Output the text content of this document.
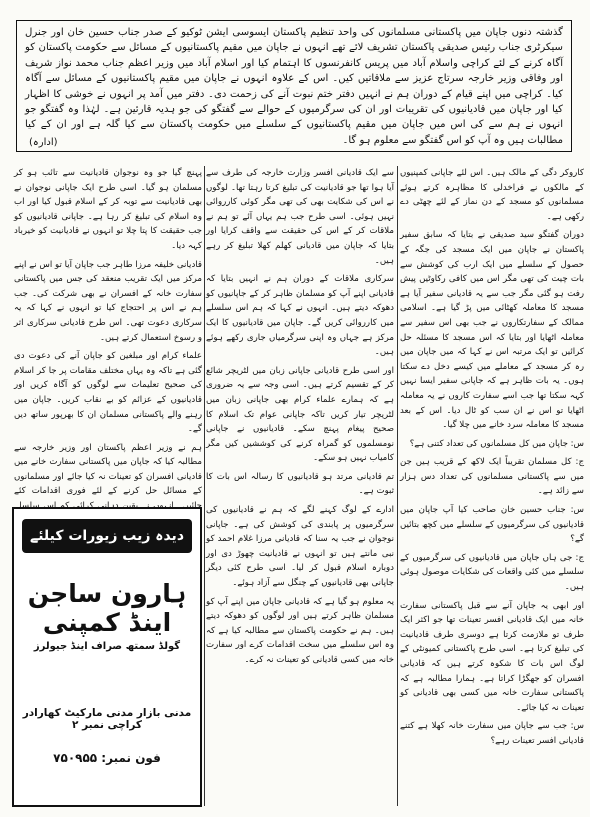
گذشتہ دنوں جاپان میں پاکستانی مسلمانوں کی واحد تنظیم پاکستان ایسوسی ایشن ٹوکیو کے صدر جناب حسین خان اور جنرل سیکرٹری جناب رئیس صدیقی پاکستان تشریف لائے تھے انہوں نے جاپان میں مقیم پاکستانیوں کے مسائل سے حکومت پاکستان کو آگاہ کرنے کے لئے کراچی واسلام آباد میں پریس کانفرنسوں کا اہتمام کیا اور اسلام آباد میں وزیر اعظم جناب محمد نواز شریف اور وفاقی وزیر خارجہ سرتاج عزیز سے ملاقاتیں کیں۔ اس کے علاوہ انہوں نے جاپان میں مقیم پاکستانیوں کے مسائل سے آگاہ کیا۔ کراچی میں اپنے قیام کے دوران ہم نے انہیں دفتر ختم نبوت آنے کی زحمت دی۔ دفتر میں آمد پر انہوں نے خوشی کا اظہار کیا اور جاپان میں قادیانیوں کی تقریبات اور ان کی سرگرمیوں کے حوالے سے گفتگو کی جو ہدیہ قارئین ہے۔ لہٰذا وہ گفتگو جو انہوں نے ہم سے کی اس میں جاپان میں مقیم پاکستانیوں کے سلسلے میں حکومت پاکستان سے کیا گلہ ہے اور ان کے کیا مطالبات ہیں وہ آپ کو اس گفتگو سے معلوم ہو گا۔

(ادارہ)

کاروکر دگی کے مالک ہیں۔ اس لئے جاپانی کمپنیوں کے مالکوں نے فراخدلی کا مظاہرہ کرتے ہوئے مسلمانوں کو مسجد کے دن نماز کے لئے چھٹی دے رکھی ہے۔

دوران گفتگو سید صدیقی نے بتایا کہ سابق سفیر پاکستان نے جاپان میں ایک مسجد کی جگہ کے حصول کے سلسلے میں ایک ارب کی کوشش سے بات چیت کی تھی مگر اس میں کافی رکاوٹیں پیش رفت ہو گئی مگر جب سے یہ قادیانی سفیر آیا ہے مسجد کا معاملہ کھٹائی میں پڑ گیا ہے۔ اسلامی ممالک کے سفارتکاروں نے جب بھی اس سفیر سے معاملہ اٹھایا اور بتایا کہ اس مسجد کا مسئلہ حل کرائیں تو ایک مرتبہ اس نے کہا کہ میں جاپان میں رہ کر مسجد کے معاملے میں کیسے دخل دے سکتا ہوں۔ یہ بات ظاہر ہے کہ جاپانی سفیر ایسا نہیں کہہ سکتا تھا جب اسے سفارت کاروں نے یہ معاملہ اٹھایا تو اس نے ان سب کو ٹال دیا۔ اس کے بعد مسجد کا معاملہ سرد خانے میں چلا گیا۔

س: جاپان میں کل مسلمانوں کی تعداد کتنی ہے؟

ج: کل مسلمان تقریباً ایک لاکھ کے قریب ہیں جن میں سے پاکستانی مسلمانوں کی تعداد دس ہزار سے زائد ہے۔

س: جناب حسین خان صاحب کیا آپ جاپان میں قادیانیوں کی سرگرمیوں کے سلسلے میں کچھ بتائیں گے؟

ج: جی ہاں جاپان میں قادیانیوں کی سرگرمیوں کے سلسلے میں کئی واقعات کی شکایات موصول ہوئی ہیں۔

اور ابھی یہ جاپان آنے سے قبل پاکستانی سفارت خانہ میں ایک قادیانی افسر تعینات تھا جو اکثر ایک طرف تو ملازمت کرتا ہے دوسری طرف قادیانیت کی تبلیغ کرتا ہے۔ اسی طرح پاکستانی کمیونٹی کے لوگ اس بات کا شکوہ کرتے ہیں کہ قادیانی افسران کو جھگڑا کراتا ہے۔ ہمارا مطالبہ ہے کہ پاکستانی سفارت خانہ میں کسی بھی قادیانی کو تعینات نہ کیا جائے۔

س: جب سے جاپان میں سفارت خانہ کھلا ہے کتنے قادیانی افسر تعینات رہے؟

سے ایک قادیانی افسر وزارت خارجہ کی طرف سے آیا ہوا تھا جو قادیانیت کی تبلیغ کرتا رہتا تھا۔ لوگوں نے اس کی شکایت بھی کی تھی مگر کوئی کارروائی نہیں ہوئی۔ اسی طرح جب ہم یہاں آئے تو ہم نے ملاقات کر کے اس کی حقیقت سے واقف کرایا اور بتایا کہ جاپان میں قادیانی کھلم کھلا تبلیغ کر رہے ہیں۔

سرکاری ملاقات کے دوران ہم نے انہیں بتایا کہ قادیانی اپنے آپ کو مسلمان ظاہر کر کے جاپانیوں کو دھوکہ دیتے ہیں۔ انہوں نے کہا کہ ہم اس سلسلے میں کارروائی کریں گے۔ جاپان میں قادیانیوں کا ایک مرکز ہے جہاں وہ اپنی سرگرمیاں جاری رکھے ہوئے ہیں۔

اور اسی طرح قادیانی جاپانی زبان میں لٹریچر شائع کر کے تقسیم کرتے ہیں۔ اسی وجہ سے یہ ضروری ہے کہ ہمارے علماء کرام بھی جاپانی زبان میں لٹریچر تیار کریں تاکہ جاپانی عوام تک اسلام کا صحیح پیغام پہنچ سکے۔ قادیانیوں نے جاپانی نومسلموں کو گمراہ کرنے کی کوششیں کیں مگر کامیاب نہیں ہو سکے۔

تم قادیانی مرتد ہو قادیانیوں کا رسالہ اس بات کا ثبوت ہے۔

ادارے کے لوگ کہنے لگے کہ ہم نے قادیانیوں کی سرگرمیوں پر پابندی کی کوشش کی ہے۔ جاپانی نوجوان نے جب یہ سنا کہ قادیانی مرزا غلام احمد کو نبی مانتے ہیں تو انہوں نے قادیانیت چھوڑ دی اور دوبارہ اسلام قبول کر لیا۔ اسی طرح کئی دیگر جاپانی بھی قادیانیوں کے چنگل سے آزاد ہوئے۔

یہ معلوم ہو گیا ہے کہ قادیانی جاپان میں اپنے آپ کو مسلمان ظاہر کرتے ہیں اور لوگوں کو دھوکہ دیتے ہیں۔ ہم نے حکومت پاکستان سے مطالبہ کیا ہے کہ وہ اس سلسلے میں سخت اقدامات کرے اور سفارت خانہ میں کسی قادیانی کو تعینات نہ کرے۔

پہنچ گیا جو وہ نوجوان قادیانیت سے تائب ہو کر مسلمان ہو گیا۔ اسی طرح ایک جاپانی نوجوان نے بھی قادیانیت سے توبہ کر کے اسلام قبول کیا اور اب وہ اسلام کی تبلیغ کر رہا ہے۔ جاپانی قادیانیوں کو جب حقیقت کا پتا چلا تو انہوں نے قادیانیت کو خیرباد کہہ دیا۔

قادیانی خلیفہ مرزا طاہر جب جاپان آیا تو اس نے اپنے مرکز میں ایک تقریب منعقد کی جس میں پاکستانی سفارت خانہ کے افسران نے بھی شرکت کی۔ جب ہم نے اس پر احتجاج کیا تو انہوں نے کہا کہ یہ سرکاری دعوت تھی۔ اس طرح قادیانی سرکاری اثر و رسوخ استعمال کرتے ہیں۔

علماء کرام اور مبلغین کو جاپان آنے کی دعوت دی گئی ہے تاکہ وہ یہاں مختلف مقامات پر جا کر اسلام کی صحیح تعلیمات سے لوگوں کو آگاہ کریں اور قادیانیوں کے عزائم کو بے نقاب کریں۔ جاپان میں رہنے والے پاکستانی مسلمان ان کا بھرپور ساتھ دیں گے۔

ہم نے وزیر اعظم پاکستان اور وزیر خارجہ سے مطالبہ کیا کہ جاپان میں پاکستانی سفارت خانے میں قادیانی افسران کو تعینات نہ کیا جائے اور مسلمانوں کے مسائل حل کرنے کے لئے فوری اقدامات کئے

دیدہ زیب زیورات کیلئے تشریف لائیے
ہارون ساجن اینڈ کمپنی
گولڈ سمتھ صراف اینڈ جیولرز
مدنی بازار مدنی مارکیٹ کھارادر کراچی نمبر ۲
فون نمبر: ۷۵۰۹۵۵
